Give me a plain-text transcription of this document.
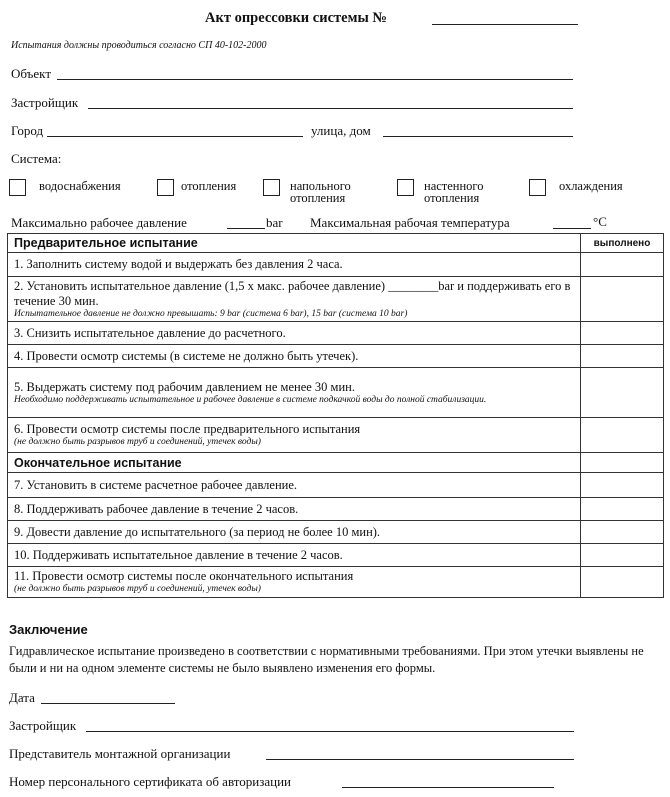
Акт опрессовки системы №
Испытания должны проводиться согласно СП 40-102-2000
Объект
Застройщик
Город	улица, дом
Система:
водоснабжения	отопления	напольного отопления
настенного отопления
охлаждения
Максимально рабочее давление	bar Максимальная рабочая температура	°С
Предварительное испытание	выполнено
1. Заполнить систему водой и выдержать без давления 2 часа.	
2. Установить испытательное давление (1,5 х макс. рабочее давление) ________bar и поддерживать его в течение 30 мин.
Испытательное давление не должно превышать: 9 bar (система 6 bar), 15 bar (система 10 bar)	

3. Снизить испытательное давление до расчетного.	
4. Провести осмотр системы (в системе не должно быть утечек).	
5. Выдержать систему под рабочим давлением не менее 30 мин.
Необходимо поддерживать испытательное и рабочее давление в системе подкачкой воды до полной стабилизации.	

6. Провести осмотр системы после предварительного испытания
(не должно быть разрывов труб и соединений, утечек воды)	

Окончательное испытание	
7. Установить в системе расчетное рабочее давление.	
8. Поддерживать рабочее давление в течение 2 часов.	
9. Довести давление до испытательного (за период не более 10 мин).	
10. Поддерживать испытательное давление в течение 2 часов.	
11. Провести осмотр системы после окончательного испытания
(не должно быть разрывов труб и соединений, утечек воды)	

Заключение
Гидравлическое испытание произведено в соответствии с нормативными требованиями. При этом утечки выявлены не были и ни на одном элементе системы не было выявлено изменения его формы.
Дата
Застройщик
Представитель монтажной организации
Номер персонального сертификата об авторизации
